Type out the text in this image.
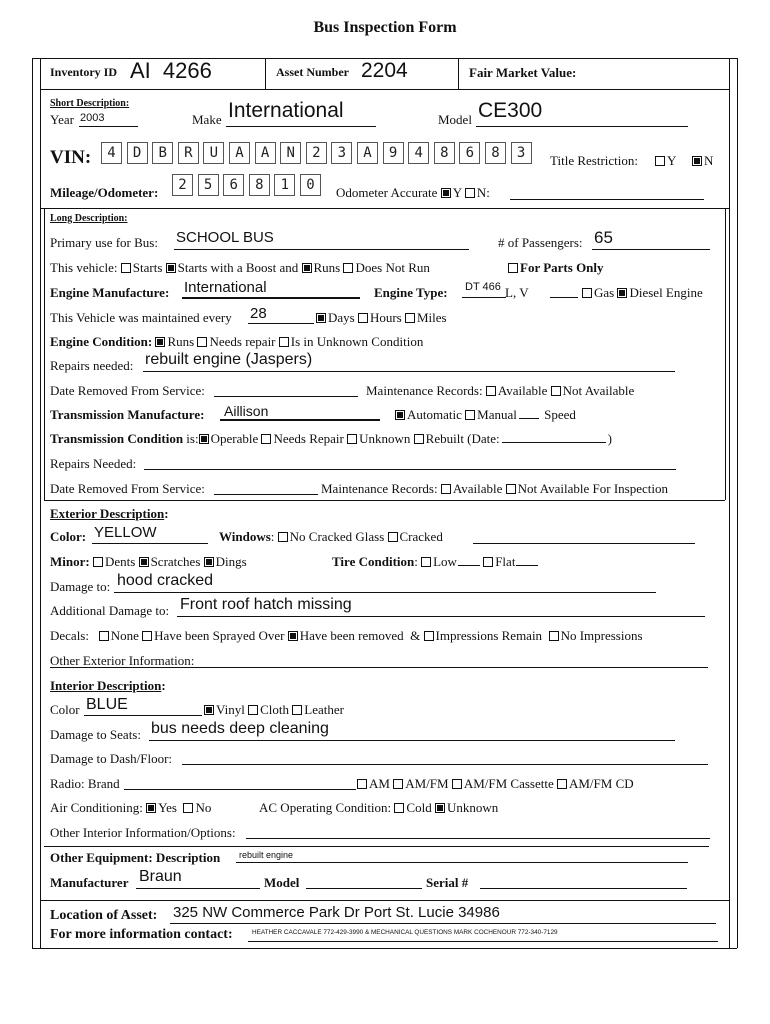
Bus Inspection Form
Inventory ID AI 4266	Asset Number 2204	Fair Market Value:
Short Description:
Year 2003	Make International	Model CE300
VIN:	4	D	B	R	U	A	A	N	2	3	A	9	4	8	6	8	3	Title Restriction:	Y	N
Mileage/Odometer:	2	5	6	8	1	0	Odometer Accurate Y N:
Long Description:
Primary use for Bus: SCHOOL BUS	# of Passengers: 65
This vehicle: Starts Starts with a Boost and Runs Does Not Run	For Parts Only
Engine Manufacture: International	Engine Type: DT 466 L, V	Gas Diesel Engine
This Vehicle was maintained every 28	Days Hours Miles
Engine Condition: Runs Needs repair Is in Unknown Condition
Repairs needed: rebuilt engine (Jaspers)
Date Removed From Service:	Maintenance Records: Available Not Available
Transmission Manufacture: Aillison	Automatic Manual Speed
Transmission Condition is: Operable Needs Repair Unknown Rebuilt (Date:	)
Repairs Needed:
Date Removed From Service:	Maintenance Records: Available Not Available For Inspection
Exterior Description:
Color: YELLOW	Windows: No Cracked Glass Cracked
Minor: Dents Scratches Dings	Tire Condition: Low	Flat
Damage to: hood cracked
Additional Damage to: Front roof hatch missing
Decals: None Have been Sprayed Over Have been removed & Impressions Remain No Impressions
Other Exterior Information:
Interior Description:
Color BLUE	Vinyl Cloth Leather
Damage to Seats: bus needs deep cleaning
Damage to Dash/Floor:
Radio: Brand	AM AM/FM AM/FM Cassette AM/FM CD
Air Conditioning: Yes No	AC Operating Condition: Cold Unknown
Other Interior Information/Options:
Other Equipment: Description rebuilt engine
Manufacturer Braun	Model	Serial #
Location of Asset: 325 NW Commerce Park Dr Port St. Lucie 34986
For more information contact:	HEATHER CACCAVALE 772-429-3990 & MECHANICAL QUESTIONS MARK COCHENOUR 772-340-7129
